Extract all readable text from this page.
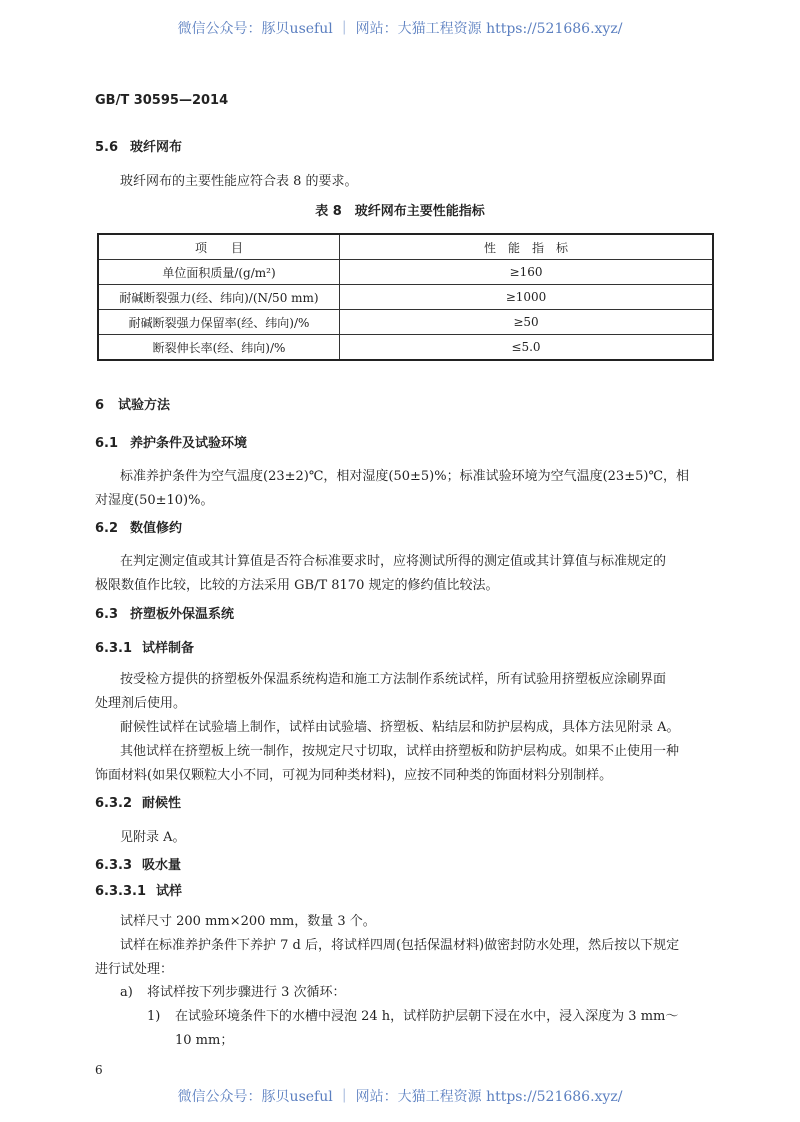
微信公众号：豚贝useful ｜ 网站：大猫工程资源 https://521686.xyz/
GB/T 30595—2014
5.6 玻纤网布
玻纤网布的主要性能应符合表 8 的要求。
表 8　玻纤网布主要性能指标
项　　目	性　能　指　标
单位面积质量/(g/m²)	≥160
耐碱断裂强力(经、纬向)/(N/50 mm)	≥1000
耐碱断裂强力保留率(经、纬向)/%	≥50
断裂伸长率(经、纬向)/%	≤5.0
6 试验方法
6.1 养护条件及试验环境
标准养护条件为空气温度(23±2)℃，相对湿度(50±5)%；标准试验环境为空气温度(23±5)℃，相
对湿度(50±10)%。
6.2 数值修约
在判定测定值或其计算值是否符合标准要求时，应将测试所得的测定值或其计算值与标准规定的
极限数值作比较，比较的方法采用 GB/T 8170 规定的修约值比较法。
6.3 挤塑板外保温系统
6.3.1 试样制备
按受检方提供的挤塑板外保温系统构造和施工方法制作系统试样，所有试验用挤塑板应涂刷界面
处理剂后使用。
耐候性试样在试验墙上制作，试样由试验墙、挤塑板、粘结层和防护层构成，具体方法见附录 A。
其他试样在挤塑板上统一制作，按规定尺寸切取，试样由挤塑板和防护层构成。如果不止使用一种
饰面材料(如果仅颗粒大小不同，可视为同种类材料)，应按不同种类的饰面材料分别制样。
6.3.2 耐候性
见附录 A。
6.3.3 吸水量
6.3.3.1 试样
试样尺寸 200 mm×200 mm，数量 3 个。
试样在标准养护条件下养护 7 d 后，将试样四周(包括保温材料)做密封防水处理，然后按以下规定
进行试处理：
a) 将试样按下列步骤进行 3 次循环：
1) 在试验环境条件下的水槽中浸泡 24 h，试样防护层朝下浸在水中，浸入深度为 3 mm～
10 mm；
6
微信公众号：豚贝useful ｜ 网站：大猫工程资源 https://521686.xyz/
